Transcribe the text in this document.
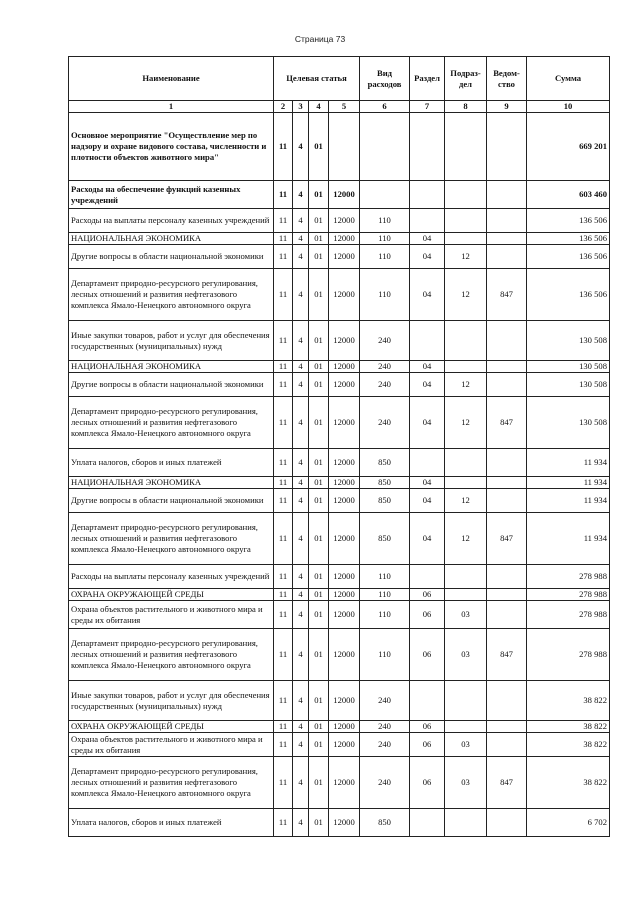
Страница 73
Наименование	Целевая статья				Вид расходов	Раздел	Подраз-дел	Ведом-ство	Сумма
1	2	3	4	5	6	7	8	9	10
Основное мероприятие "Осуществление мер по надзору и охране видового состава, численности и плотности объектов животного мира"	11	4	01						669 201
Расходы на обеспечение функций казенных учреждений	11	4	01	12000					603 460
Расходы на выплаты персоналу казенных учреждений	11	4	01	12000	110				136 506
НАЦИОНАЛЬНАЯ ЭКОНОМИКА	11	4	01	12000	110	04			136 506
Другие вопросы в области национальной экономики	11	4	01	12000	110	04	12		136 506
Департамент природно-ресурсного регулирования, лесных отношений и развития нефтегазового комплекса Ямало-Ненецкого автономного округа	11	4	01	12000	110	04	12	847	136 506
Иные закупки товаров, работ и услуг для обеспечения государственных (муниципальных) нужд	11	4	01	12000	240				130 508
НАЦИОНАЛЬНАЯ ЭКОНОМИКА	11	4	01	12000	240	04			130 508
Другие вопросы в области национальной экономики	11	4	01	12000	240	04	12		130 508
Департамент природно-ресурсного регулирования, лесных отношений и развития нефтегазового комплекса Ямало-Ненецкого автономного округа	11	4	01	12000	240	04	12	847	130 508
Уплата налогов, сборов и иных платежей	11	4	01	12000	850				11 934
НАЦИОНАЛЬНАЯ ЭКОНОМИКА	11	4	01	12000	850	04			11 934
Другие вопросы в области национальной экономики	11	4	01	12000	850	04	12		11 934
Департамент природно-ресурсного регулирования, лесных отношений и развития нефтегазового комплекса Ямало-Ненецкого автономного округа	11	4	01	12000	850	04	12	847	11 934
Расходы на выплаты персоналу казенных учреждений	11	4	01	12000	110				278 988
ОХРАНА ОКРУЖАЮЩЕЙ СРЕДЫ	11	4	01	12000	110	06			278 988
Охрана объектов растительного и животного мира и среды их обитания	11	4	01	12000	110	06	03		278 988
Департамент природно-ресурсного регулирования, лесных отношений и развития нефтегазового комплекса Ямало-Ненецкого автономного округа	11	4	01	12000	110	06	03	847	278 988
Иные закупки товаров, работ и услуг для обеспечения государственных (муниципальных) нужд	11	4	01	12000	240				38 822
ОХРАНА ОКРУЖАЮЩЕЙ СРЕДЫ	11	4	01	12000	240	06			38 822
Охрана объектов растительного и животного мира и среды их обитания	11	4	01	12000	240	06	03		38 822
Департамент природно-ресурсного регулирования, лесных отношений и развития нефтегазового комплекса Ямало-Ненецкого автономного округа	11	4	01	12000	240	06	03	847	38 822
Уплата налогов, сборов и иных платежей	11	4	01	12000	850				6 702
